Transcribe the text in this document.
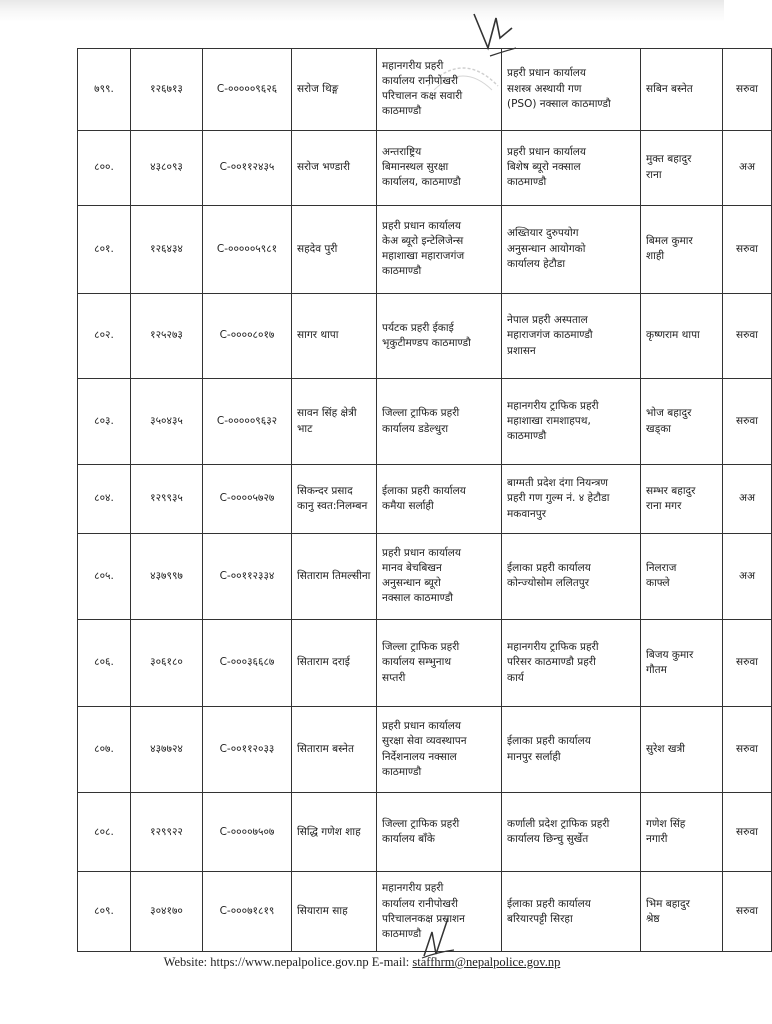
७९९.	१२६७१३	C-०००००९६२६	सरोज थिङ्ग	महानगरीय प्रहरी
कार्यालय रानीपोखरी
परिचालन कक्ष सवारी
काठमाण्डौ	प्रहरी प्रधान कार्यालय
सशस्त्र अस्थायी गण
(PSO) नक्साल काठमाण्डौ	सबिन बस्नेत	सरुवा
८००.	४३८०९३	C-००११२४३५	सरोज भण्डारी	अन्तराष्ट्रिय
बिमानस्थल सुरक्षा
कार्यालय, काठमाण्डौ	प्रहरी प्रधान कार्यालय
बिशेष ब्यूरो नक्साल
काठमाण्डौ	मुक्त बहादुर
राना	अअ
८०१.	१२६४३४	C-०००००५९८१	सहदेव पुरी	प्रहरी प्रधान कार्यालय
केअ ब्यूरो इन्टेलिजेन्स
महाशाखा महाराजगंज
काठमाण्डौ	अख्तियार दुरुपयोग
अनुसन्धान आयोगको
कार्यालय हेटौडा	बिमल कुमार
शाही	सरुवा
८०२.	१२५२७३	C-००००८०१७	सागर थापा	पर्यटक प्रहरी ईकाई
भृकुटीमण्डप काठमाण्डौ	नेपाल प्रहरी अस्पताल
महाराजगंज काठमाण्डौ
प्रशासन	कृष्णराम थापा	सरुवा
८०३.	३५०४३५	C-०००००९६३२	सावन सिंह क्षेत्री भाट	जिल्ला ट्राफिक प्रहरी
कार्यालय डडेल्धुरा	महानगरीय ट्राफिक प्रहरी
महाशाखा रामशाहपथ,
काठमाण्डौ	भोज बहादुर
खड्का	सरुवा
८०४.	१२९९३५	C-००००५७२७	सिकन्दर प्रसाद कानु स्वत:निलम्बन	ईलाका प्रहरी कार्यालय
कमैया सर्लाही	बाग्मती प्रदेश दंगा नियन्त्रण
प्रहरी गण गुल्म नं. ४ हेटौडा
मकवानपुर	सम्भर बहादुर
राना मगर	अअ
८०५.	४३७९९७	C-००११२३३४	सिताराम तिमल्सीना	प्रहरी प्रधान कार्यालय
मानव बेचबिखन
अनुसन्धान ब्यूरो
नक्साल काठमाण्डौ	ईलाका प्रहरी कार्यालय
कोन्ज्योसोम ललितपुर	निलराज
काफ्ले	अअ
८०६.	३०६१८०	C-०००३६६८७	सिताराम दराई	जिल्ला ट्राफिक प्रहरी
कार्यालय सम्भुनाथ
सप्तरी	महानगरीय ट्राफिक प्रहरी
परिसर काठमाण्डौ प्रहरी
कार्य	बिजय कुमार
गौतम	सरुवा
८०७.	४३७७२४	C-००११२०३३	सिताराम बस्नेत	प्रहरी प्रधान कार्यालय
सुरक्षा सेवा व्यवस्थापन
निर्देशनालय नक्साल
काठमाण्डौ	ईलाका प्रहरी कार्यालय
मानपुर सर्लाही	सुरेश खत्री	सरुवा
८०८.	१२९९२२	C-००००७५०७	सिद्धि गणेश शाह	जिल्ला ट्राफिक प्रहरी
कार्यालय बाँके	कर्णाली प्रदेश ट्राफिक प्रहरी
कार्यालय छिन्चु सुर्खेत	गणेश सिंह
नगारी	सरुवा
८०९.	३०४१७०	C-०००७१८१९	सियाराम साह	महानगरीय प्रहरी
कार्यालय रानीपोखरी
परिचालनकक्ष प्रसाशन
काठमाण्डौ	ईलाका प्रहरी कार्यालय
बरियारपट्टी सिरहा	भिम बहादुर
श्रेष्ठ	सरुवा
Website: https://www.nepalpolice.gov.np E-mail: staffhrm@nepalpolice.gov.np
